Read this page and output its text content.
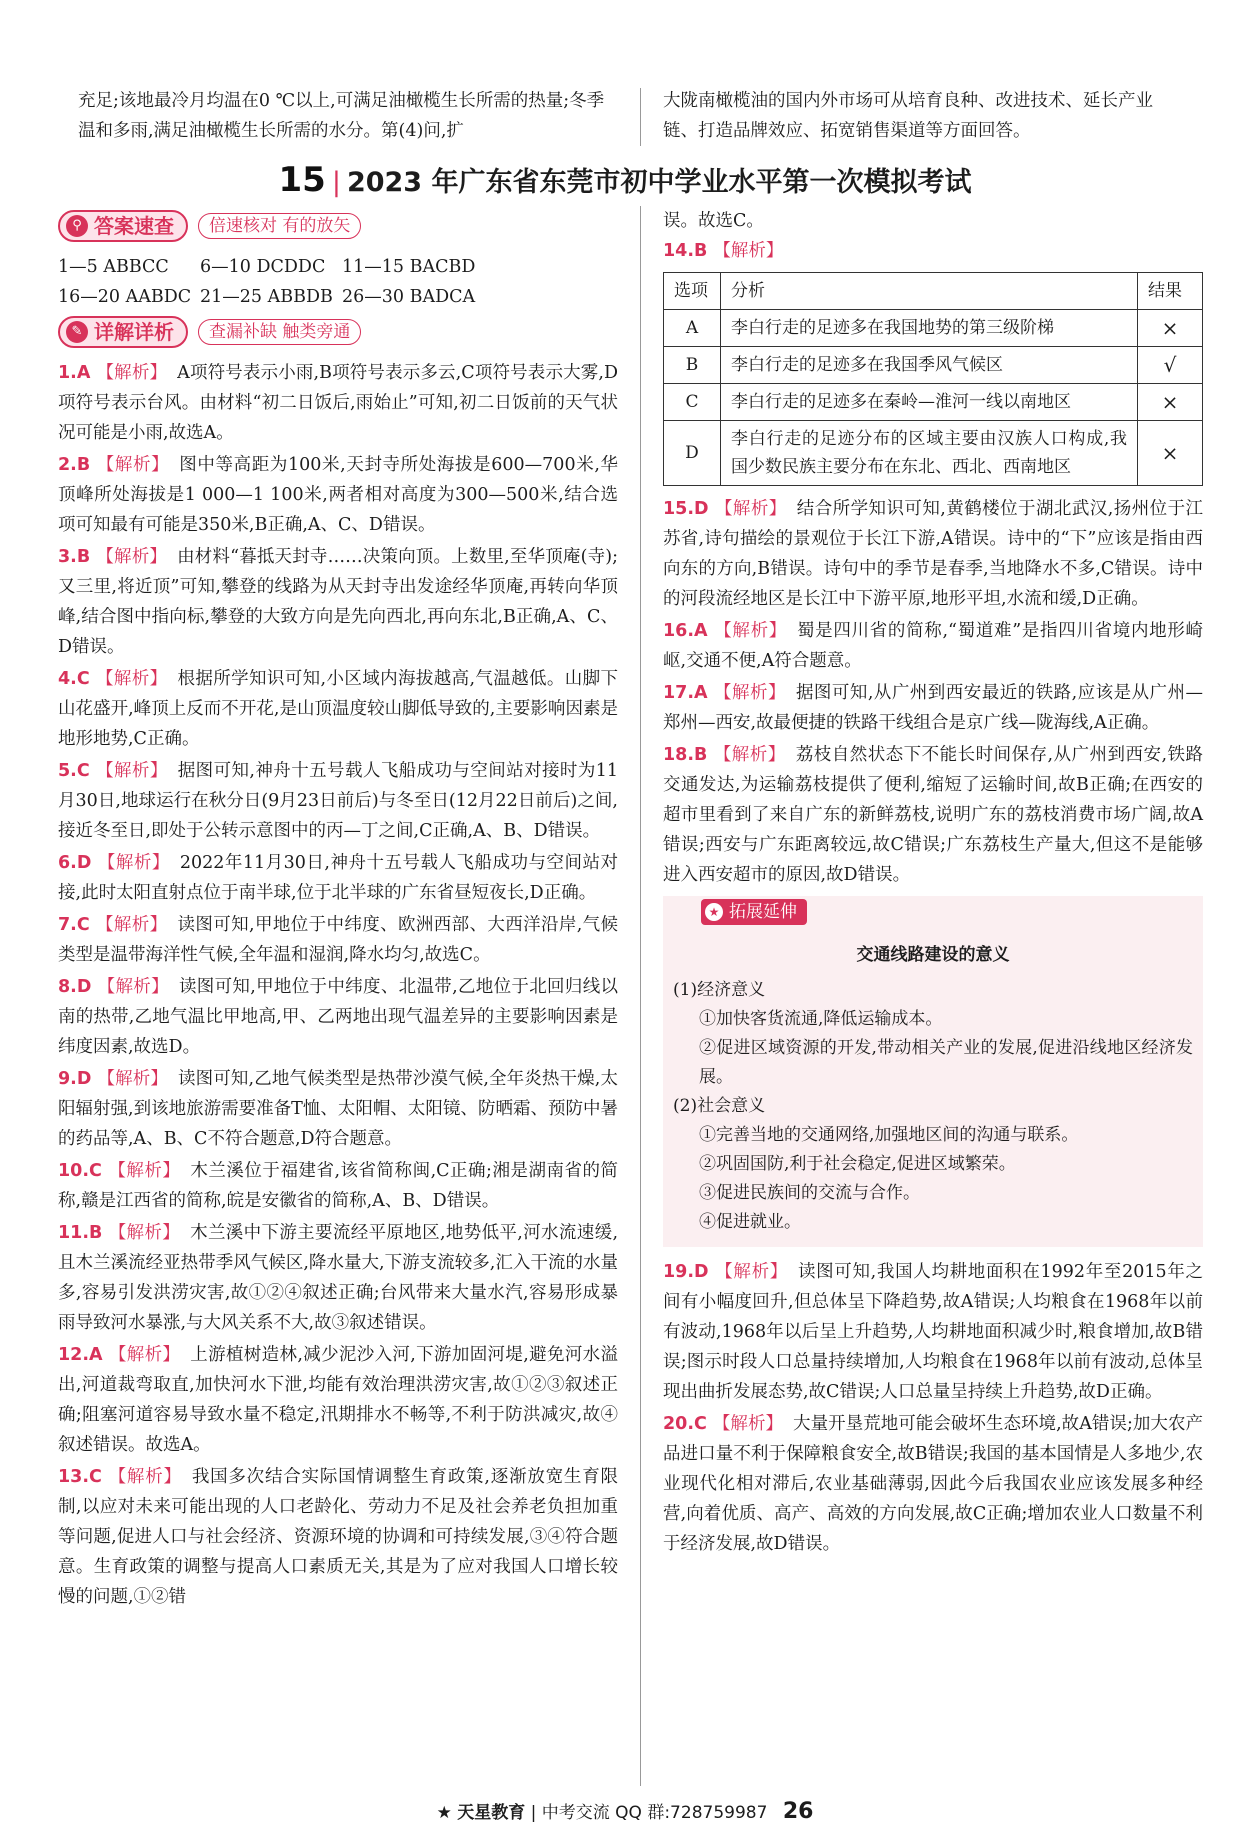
充足;该地最冷月均温在0 ℃以上,可满足油橄榄生长所需的热量;冬季温和多雨,满足油橄榄生长所需的水分。第(4)问,扩
大陇南橄榄油的国内外市场可从培育良种、改进技术、延长产业链、打造品牌效应、拓宽销售渠道等方面回答。
15 | 2023 年广东省东莞市初中学业水平第一次模拟考试
⚲ 答案速查	倍速核对 有的放矢
1—5 ABBCC 6—10 DCDDC 11—15 BACBD
16—20 AABDC 21—25 ABBDB 26—30 BADCA
✎ 详解详析	查漏补缺 触类旁通
1.A 【解析】 A项符号表示小雨,B项符号表示多云,C项符号表示大雾,D项符号表示台风。由材料“初二日饭后,雨始止”可知,初二日饭前的天气状况可能是小雨,故选A。
2.B 【解析】 图中等高距为100米,天封寺所处海拔是600—700米,华顶峰所处海拔是1 000—1 100米,两者相对高度为300—500米,结合选项可知最有可能是350米,B正确,A、C、D错误。
3.B 【解析】 由材料“暮抵天封寺……决策向顶。上数里,至华顶庵(寺);又三里,将近顶”可知,攀登的线路为从天封寺出发途经华顶庵,再转向华顶峰,结合图中指向标,攀登的大致方向是先向西北,再向东北,B正确,A、C、D错误。
4.C 【解析】 根据所学知识可知,小区域内海拔越高,气温越低。山脚下山花盛开,峰顶上反而不开花,是山顶温度较山脚低导致的,主要影响因素是地形地势,C正确。
5.C 【解析】 据图可知,神舟十五号载人飞船成功与空间站对接时为11月30日,地球运行在秋分日(9月23日前后)与冬至日(12月22日前后)之间,接近冬至日,即处于公转示意图中的丙—丁之间,C正确,A、B、D错误。
6.D 【解析】 2022年11月30日,神舟十五号载人飞船成功与空间站对接,此时太阳直射点位于南半球,位于北半球的广东省昼短夜长,D正确。
7.C 【解析】 读图可知,甲地位于中纬度、欧洲西部、大西洋沿岸,气候类型是温带海洋性气候,全年温和湿润,降水均匀,故选C。
8.D 【解析】 读图可知,甲地位于中纬度、北温带,乙地位于北回归线以南的热带,乙地气温比甲地高,甲、乙两地出现气温差异的主要影响因素是纬度因素,故选D。
9.D 【解析】 读图可知,乙地气候类型是热带沙漠气候,全年炎热干燥,太阳辐射强,到该地旅游需要准备T恤、太阳帽、太阳镜、防晒霜、预防中暑的药品等,A、B、C不符合题意,D符合题意。
10.C 【解析】 木兰溪位于福建省,该省简称闽,C正确;湘是湖南省的简称,赣是江西省的简称,皖是安徽省的简称,A、B、D错误。
11.B 【解析】 木兰溪中下游主要流经平原地区,地势低平,河水流速缓,且木兰溪流经亚热带季风气候区,降水量大,下游支流较多,汇入干流的水量多,容易引发洪涝灾害,故①②④叙述正确;台风带来大量水汽,容易形成暴雨导致河水暴涨,与大风关系不大,故③叙述错误。
12.A 【解析】 上游植树造林,减少泥沙入河,下游加固河堤,避免河水溢出,河道裁弯取直,加快河水下泄,均能有效治理洪涝灾害,故①②③叙述正确;阻塞河道容易导致水量不稳定,汛期排水不畅等,不利于防洪减灾,故④叙述错误。故选A。
13.C 【解析】 我国多次结合实际国情调整生育政策,逐渐放宽生育限制,以应对未来可能出现的人口老龄化、劳动力不足及社会养老负担加重等问题,促进人口与社会经济、资源环境的协调和可持续发展,③④符合题意。生育政策的调整与提高人口素质无关,其是为了应对我国人口增长较慢的问题,①②错
误。故选C。
14.B 【解析】
选项	分析	结果
A	李白行走的足迹多在我国地势的第三级阶梯	×
B	李白行走的足迹多在我国季风气候区	√
C	李白行走的足迹多在秦岭—淮河一线以南地区	×
D	李白行走的足迹分布的区域主要由汉族人口构成,我国少数民族主要分布在东北、西北、西南地区	×
15.D 【解析】 结合所学知识可知,黄鹤楼位于湖北武汉,扬州位于江苏省,诗句描绘的景观位于长江下游,A错误。诗中的“下”应该是指由西向东的方向,B错误。诗句中的季节是春季,当地降水不多,C错误。诗中的河段流经地区是长江中下游平原,地形平坦,水流和缓,D正确。
16.A 【解析】 蜀是四川省的简称,“蜀道难”是指四川省境内地形崎岖,交通不便,A符合题意。
17.A 【解析】 据图可知,从广州到西安最近的铁路,应该是从广州—郑州—西安,故最便捷的铁路干线组合是京广线—陇海线,A正确。
18.B 【解析】 荔枝自然状态下不能长时间保存,从广州到西安,铁路交通发达,为运输荔枝提供了便利,缩短了运输时间,故B正确;在西安的超市里看到了来自广东的新鲜荔枝,说明广东的荔枝消费市场广阔,故A错误;西安与广东距离较远,故C错误;广东荔枝生产量大,但这不是能够进入西安超市的原因,故D错误。
★ 拓展延伸
交通线路建设的意义

(1)经济意义

①加快客货流通,降低运输成本。

②促进区域资源的开发,带动相关产业的发展,促进沿线地区经济发展。

(2)社会意义

①完善当地的交通网络,加强地区间的沟通与联系。

②巩固国防,利于社会稳定,促进区域繁荣。

③促进民族间的交流与合作。

④促进就业。

19.D 【解析】 读图可知,我国人均耕地面积在1992年至2015年之间有小幅度回升,但总体呈下降趋势,故A错误;人均粮食在1968年以前有波动,1968年以后呈上升趋势,人均耕地面积减少时,粮食增加,故B错误;图示时段人口总量持续增加,人均粮食在1968年以前有波动,总体呈现出曲折发展态势,故C错误;人口总量呈持续上升趋势,故D正确。
20.C 【解析】 大量开垦荒地可能会破坏生态环境,故A错误;加大农产品进口量不利于保障粮食安全,故B错误;我国的基本国情是人多地少,农业现代化相对滞后,农业基础薄弱,因此今后我国农业应该发展多种经营,向着优质、高产、高效的方向发展,故C正确;增加农业人口数量不利于经济发展,故D错误。
★ 天星教育 | 中考交流 QQ 群:728759987 26
